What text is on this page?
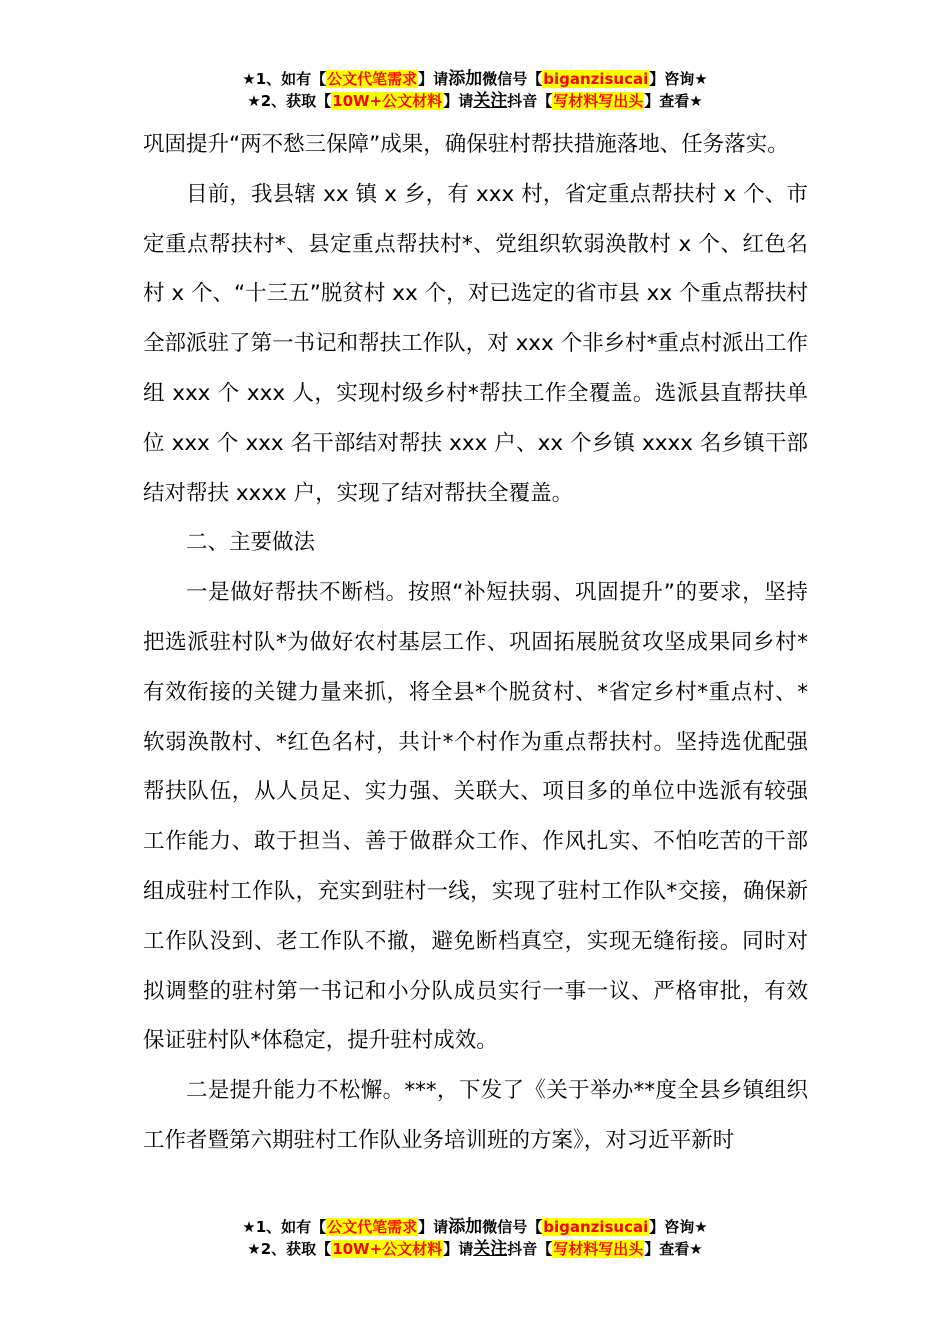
★1、如有【公文代笔需求】请添加微信号【biganzisucai】咨询★
★2、获取【10W+公文材料】请关注抖音【写材料写出头】查看★

巩固提升“两不愁三保障”成果，确保驻村帮扶措施落地、任务落实。

目前，我县辖 xx 镇 x 乡，有 xxx 村，省定重点帮扶村 x 个、市定重点帮扶村*、县定重点帮扶村*、党组织软弱涣散村 x 个、红色名村 x 个、“十三五”脱贫村 xx 个，对已选定的省市县 xx 个重点帮扶村全部派驻了第一书记和帮扶工作队，对 xxx 个非乡村*重点村派出工作组 xxx 个 xxx 人，实现村级乡村*帮扶工作全覆盖。选派县直帮扶单位 xxx 个 xxx 名干部结对帮扶 xxx 户、xx 个乡镇 xxxx 名乡镇干部结对帮扶 xxxx 户，实现了结对帮扶全覆盖。

二、主要做法

一是做好帮扶不断档。按照“补短扶弱、巩固提升”的要求，坚持把选派驻村队*为做好农村基层工作、巩固拓展脱贫攻坚成果同乡村*有效衔接的关键力量来抓，将全县*个脱贫村、*省定乡村*重点村、*软弱涣散村、*红色名村，共计*个村作为重点帮扶村。坚持选优配强帮扶队伍，从人员足、实力强、关联大、项目多的单位中选派有较强工作能力、敢于担当、善于做群众工作、作风扎实、不怕吃苦的干部组成驻村工作队，充实到驻村一线，实现了驻村工作队*交接，确保新工作队没到、老工作队不撤，避免断档真空，实现无缝衔接。同时对拟调整的驻村第一书记和小分队成员实行一事一议、严格审批，有效保证驻村队*体稳定，提升驻村成效。

二是提升能力不松懈。***，下发了《关于举办**度全县乡镇组织工作者暨第六期驻村工作队业务培训班的方案》，对习近平新时

★1、如有【公文代笔需求】请添加微信号【biganzisucai】咨询★
★2、获取【10W+公文材料】请关注抖音【写材料写出头】查看★
